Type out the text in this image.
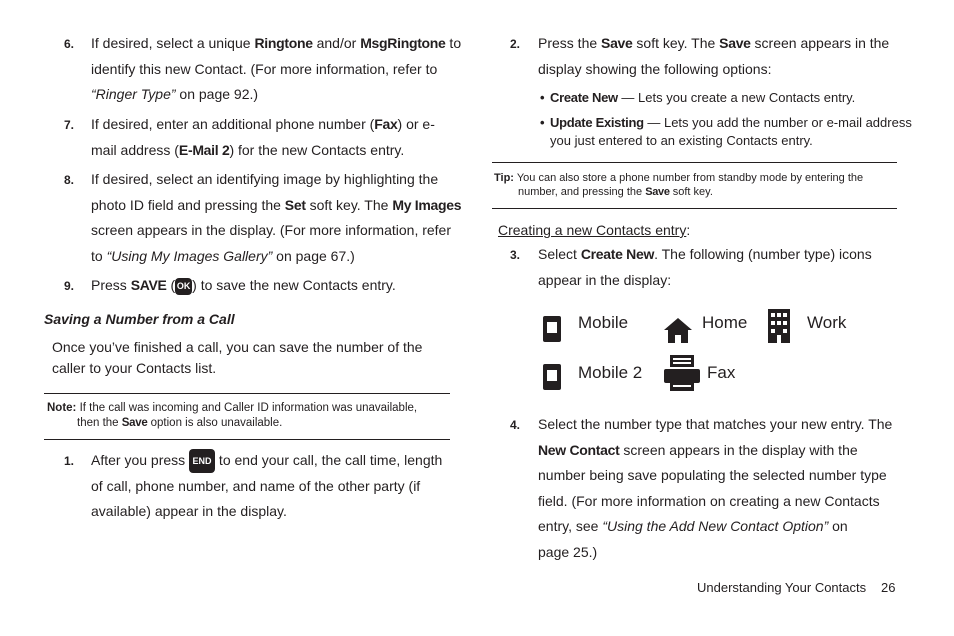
6. If desired, select a unique Ringtone and/or MsgRingtone to
identify this new Contact. (For more information, refer to
“Ringer Type” on page 92.)
7. If desired, enter an additional phone number (Fax) or e-
mail address (E-Mail 2) for the new Contacts entry.
8. If desired, select an identifying image by highlighting the
photo ID field and pressing the Set soft key. The My Images
screen appears in the display. (For more information, refer
to “Using My Images Gallery” on page 67.)
9. Press SAVE ( OK ) to save the new Contacts entry.
Saving a Number from a Call
Once you’ve finished a call, you can save the number of the
caller to your Contacts list.
Note: If the call was incoming and Caller ID information was unavailable,
then the Save option is also unavailable.
1. After you press END to end your call, the call time, length
of call, phone number, and name of the other party (if
available) appear in the display.
2. Press the Save soft key. The Save screen appears in the
display showing the following options:
• Create New — Lets you create a new Contacts entry.
• Update Existing — Lets you add the number or e-mail address
you just entered to an existing Contacts entry.
Tip: You can also store a phone number from standby mode by entering the
number, and pressing the Save soft key.
Creating a new Contacts entry:
3. Select Create New. The following (number type) icons
appear in the display:
Mobile	Home	Work
Mobile 2	Fax
4. Select the number type that matches your new entry. The
New Contact screen appears in the display with the
number being save populating the selected number type
field. (For more information on creating a new Contacts
entry, see “Using the Add New Contact Option” on
page 25.)
Understanding Your Contacts 26
